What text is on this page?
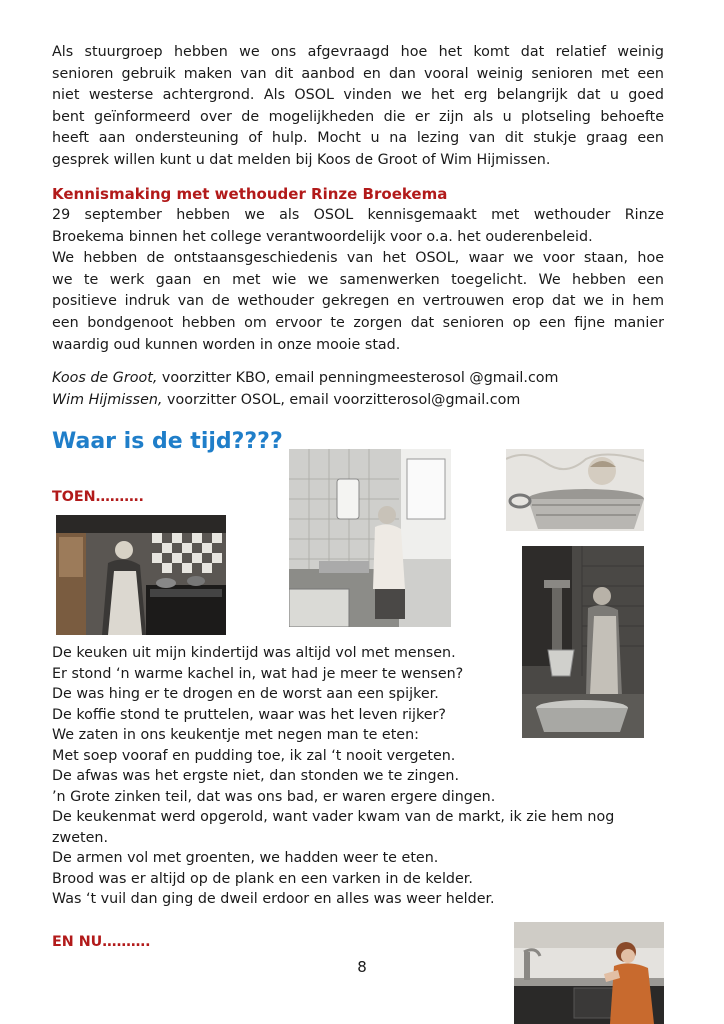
Als stuurgroep hebben we ons afgevraagd hoe het komt dat relatief weinig
senioren gebruik maken van dit aanbod en dan vooral weinig senioren met een
niet westerse achtergrond. Als OSOL vinden we het erg belangrijk dat u goed
bent geïnformeerd over de mogelijkheden die er zijn als u plotseling behoefte
heeft aan ondersteuning of hulp. Mocht u na lezing van dit stukje graag een
gesprek willen kunt u dat melden bij Koos de Groot of Wim Hijmissen.

Kennismaking met wethouder Rinze Broekema

29 september hebben we als OSOL kennisgemaakt met wethouder Rinze
Broekema binnen het college verantwoordelijk voor o.a. het ouderenbeleid.
We hebben de ontstaansgeschiedenis van het OSOL, waar we voor staan, hoe
we te werk gaan en met wie we samenwerken toegelicht. We hebben een
positieve indruk van de wethouder gekregen en vertrouwen erop dat we in hem
een bondgenoot hebben om ervoor te zorgen dat senioren op een fijne manier
waardig oud kunnen worden in onze mooie stad.

Koos de Groot, voorzitter KBO, email penningmeesterosol @gmail.com

Wim Hijmissen, voorzitter OSOL, email voorzitterosol@gmail.com

Waar is de tijd????

TOEN……….

De keuken uit mijn kindertijd was altijd vol met mensen.
Er stond ‘n warme kachel in, wat had je meer te wensen?
De was hing er te drogen en de worst aan een spijker.
De koffie stond te pruttelen, waar was het leven rijker?
We zaten in ons keukentje met negen man te eten:
Met soep vooraf en pudding toe, ik zal ‘t nooit vergeten.
De afwas was het ergste niet, dan stonden we te zingen.
’n Grote zinken teil, dat was ons bad, er waren ergere dingen.
De keukenmat werd opgerold, want vader kwam van de markt, ik zie hem nog
zweten.
De armen vol met groenten, we hadden weer te eten.
Brood was er altijd op de plank en een varken in de kelder.
Was ‘t vuil dan ging de dweil erdoor en alles was weer helder.

EN NU……….

8
